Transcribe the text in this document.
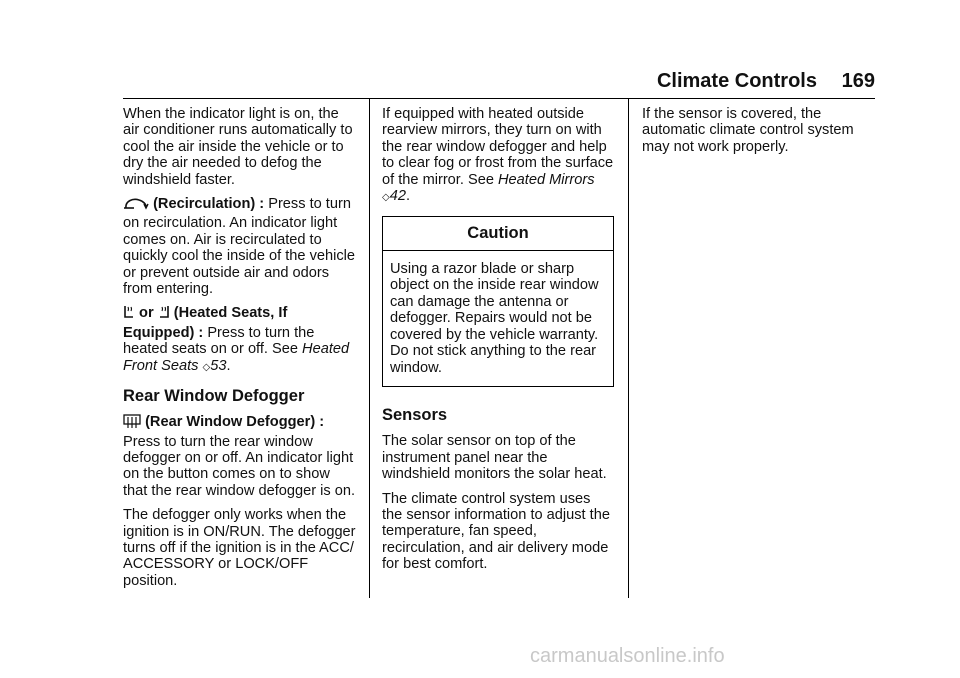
Climate Controls 169

When the indicator light is on, the air conditioner runs automatically to cool the air inside the vehicle or to dry the air needed to defog the windshield faster.

(Recirculation) : Press to turn on recirculation. An indicator light comes on. Air is recirculated to quickly cool the inside of the vehicle or prevent outside air and odors from entering.

or  (Heated Seats, If Equipped) : Press to turn the heated seats on or off. See Heated Front Seats ◇53.

Rear Window Defogger

(Rear Window Defogger) : Press to turn the rear window defogger on or off. An indicator light on the button comes on to show that the rear window defogger is on.

The defogger only works when the ignition is in ON/RUN. The defogger turns off if the ignition is in the ACC/ ACCESSORY or LOCK/OFF position.

If equipped with heated outside rearview mirrors, they turn on with the rear window defogger and help to clear fog or frost from the surface of the mirror. See Heated Mirrors
◇42.

Caution
Using a razor blade or sharp object on the inside rear window can damage the antenna or defogger. Repairs would not be covered by the vehicle warranty. Do not stick anything to the rear window.
Sensors

The solar sensor on top of the instrument panel near the windshield monitors the solar heat.

The climate control system uses the sensor information to adjust the temperature, fan speed, recirculation, and air delivery mode for best comfort.

If the sensor is covered, the automatic climate control system may not work properly.

carmanualsonline.info
